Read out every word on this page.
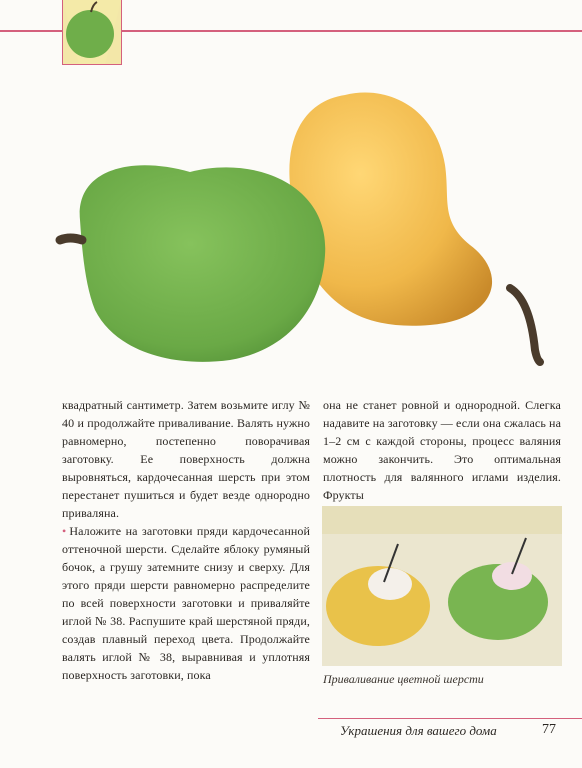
квадратный сантиметр. Затем возьмите иглу № 40 и продолжайте приваливание. Валять нужно равномерно, постепенно поворачивая заготовку. Ее поверхность должна выровняться, кардочесанная шерсть при этом перестанет пушиться и будет везде однородно приваляна.

• Наложите на заготовки пряди кардочесанной оттеночной шерсти. Сделайте яблоку румяный бочок, а грушу затемните снизу и сверху. Для этого пряди шерсти равномерно распределите по всей поверхности заготовки и приваляйте иглой № 38. Распушите край шерстяной пряди, создав плавный переход цвета. Продолжайте валять иглой № 38, выравнивая и уплотняя поверхность заготовки, пока

она не станет ровной и однородной. Слегка надавите на заготовку — если она сжалась на 1–2 см с каждой стороны, процесс валяния можно закончить. Это оптимальная плотность для валянного иглами изделия. Фрукты

Приваливание цветной шерсти
Украшения для вашего дома	77
